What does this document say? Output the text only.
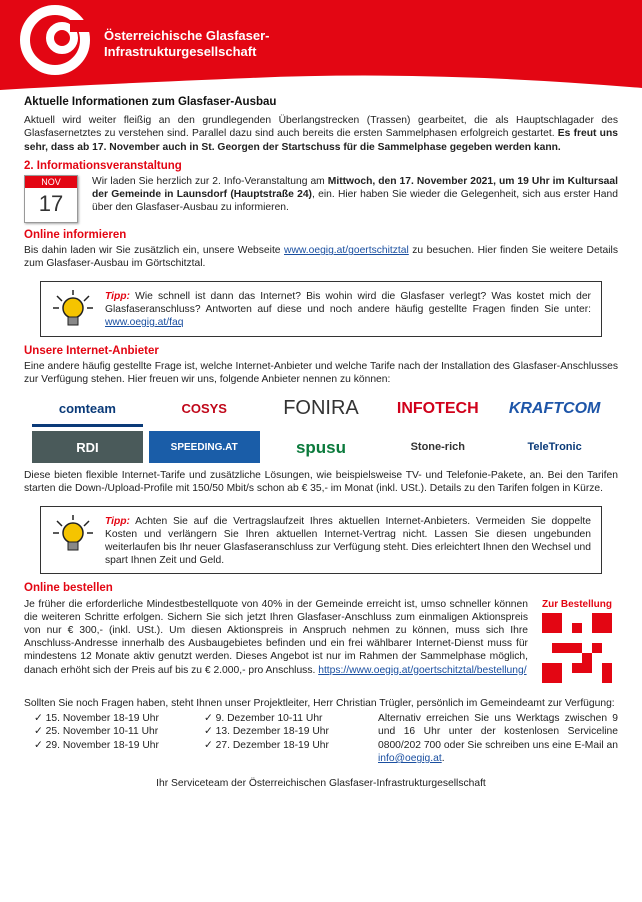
Österreichische Glasfaser-
Infrastrukturgesellschaft
Aktuelle Informationen zum Glasfaser-Ausbau

Aktuell wird weiter fleißig an den grundlegenden Überlangstrecken (Trassen) gearbeitet, die als Hauptschlagader des Glasfasernetztes zu verstehen sind. Parallel dazu sind auch bereits die ersten Sammelphasen erfolgreich gestartet. Es freut uns sehr, dass ab 17. November auch in St. Georgen der Startschuss für die Sammelphase gegeben werden kann.

2. Informationsveranstaltung
NOV
17

Wir laden Sie herzlich zur 2. Info-Veranstaltung am Mittwoch, den 17. November 2021, um 19 Uhr im Kultursaal der Gemeinde in Launsdorf (Hauptstraße 24), ein. Hier haben Sie wieder die Gelegenheit, sich aus erster Hand über den Glasfaser-Ausbau zu informieren.

Online informieren

Bis dahin laden wir Sie zusätzlich ein, unsere Webseite www.oegig.at/goertschitztal zu besuchen. Hier finden Sie weitere Details zum Glasfaser-Ausbau im Görtschitztal.

Tipp: Wie schnell ist dann das Internet? Bis wohin wird die Glasfaser verlegt? Was kostet mich der Glasfaseranschluss? Antworten auf diese und noch andere häufig gestellte Fragen finden Sie unter: www.oegig.at/faq

Unsere Internet-Anbieter

Eine andere häufig gestellte Frage ist, welche Internet-Anbieter und welche Tarife nach der Installation des Glasfaser-Anschlusses zur Verfügung stehen. Hier freuen wir uns, folgende Anbieter nennen zu können:

comteam	COSYS	FONIRA	INFOTECH	KRAFTCOM
RDI	SPEEDING.AT	spusu	Stone-rich	TeleTronic

Diese bieten flexible Internet-Tarife und zusätzliche Lösungen, wie beispielsweise TV- und Telefonie-Pakete, an. Bei den Tarifen starten die Down-/Upload-Profile mit 150/50 Mbit/s schon ab € 35,- im Monat (inkl. USt.). Details zu den Tarifen folgen in Kürze.

Tipp: Achten Sie auf die Vertragslaufzeit Ihres aktuellen Internet-Anbieters. Vermeiden Sie doppelte Kosten und verlängern Sie Ihren aktuellen Internet-Vertrag nicht. Lassen Sie diesen ungebunden weiterlaufen bis Ihr neuer Glasfaseranschluss zur Verfügung steht. Dies erleichtert Ihnen den Wechsel und spart Ihnen Zeit und Geld.

Online bestellen

Je früher die erforderliche Mindestbestellquote von 40% in der Gemeinde erreicht ist, umso schneller können die weiteren Schritte erfolgen. Sichern Sie sich jetzt Ihren Glasfaser-Anschluss zum einmaligen Aktionspreis von nur € 300,- (inkl. USt.). Um diesen Aktionspreis in Anspruch nehmen zu können, muss sich Ihre Anschluss-Andresse innerhalb des Ausbaugebietes befinden und ein frei wählbarer Internet-Dienst muss für mindestens 12 Monate aktiv genutzt werden. Dieses Angebot ist nur im Rahmen der Sammelphase möglich, danach erhöht sich der Preis auf bis zu € 2.000,- pro Anschluss. https://www.oegig.at/goertschitztal/bestellung/

Zur Bestellung

Sollten Sie noch Fragen haben, steht Ihnen unser Projektleiter, Herr Christian Trügler, persönlich im Gemeindeamt zur Verfügung:

✓ 15. November 18-19 Uhr
✓ 25. November 10-11 Uhr
✓ 29. November 18-19 Uhr
✓ 9. Dezember 10-11 Uhr
✓ 13. Dezember 18-19 Uhr
✓ 27. Dezember 18-19 Uhr

Alternativ erreichen Sie uns Werktags zwischen 9 und 16 Uhr unter der kostenlosen Serviceline 0800/202 700 oder Sie schreiben uns eine E-Mail an info@oegig.at.

Ihr Serviceteam der Österreichischen Glasfaser-Infrastrukturgesellschaft
